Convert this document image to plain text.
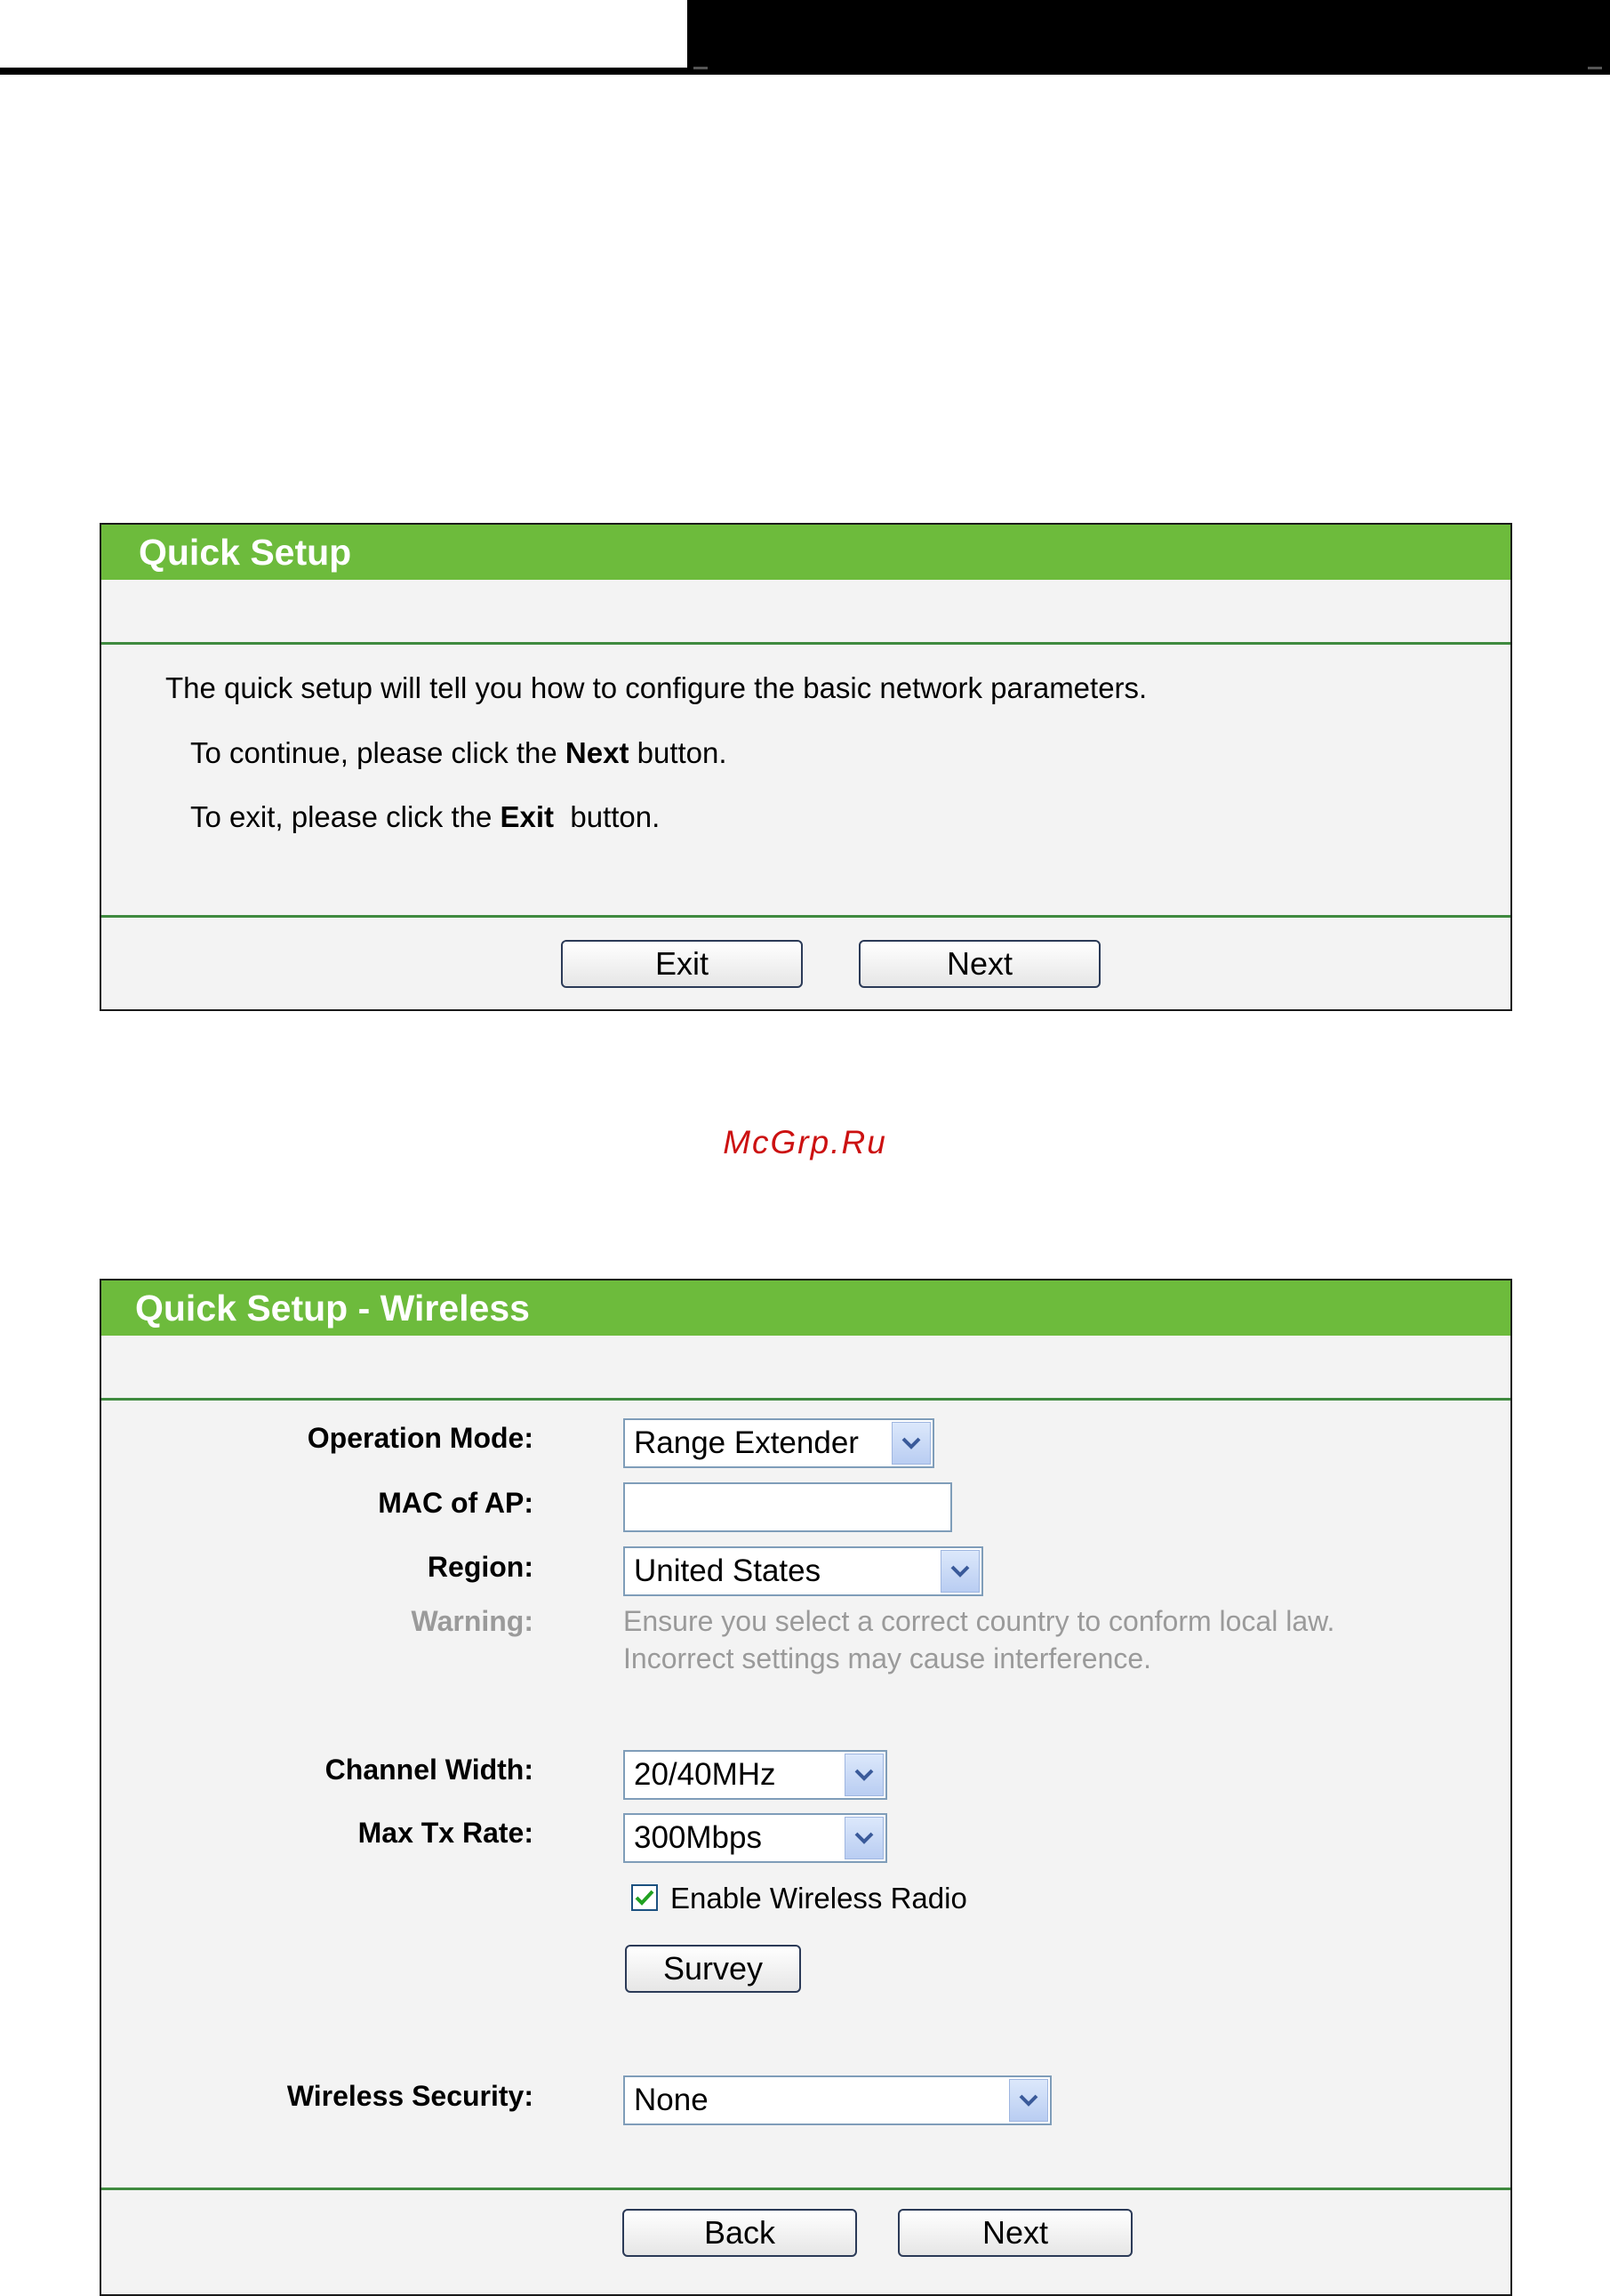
Quick Setup
The quick setup will tell you how to configure the basic network parameters.
To continue, please click the Next button.
To exit, please click the Exit  button.
Exit	Next
McGrp.Ru
Quick Setup - Wireless
Operation Mode:	Range Extender
MAC of AP:
Region:	United States
Warning:	Ensure you select a correct country to conform local law.
Incorrect settings may cause interference.
Channel Width:	20/40MHz
Max Tx Rate:	300Mbps
Enable Wireless Radio
Survey
Wireless Security:	None
Back	Next
